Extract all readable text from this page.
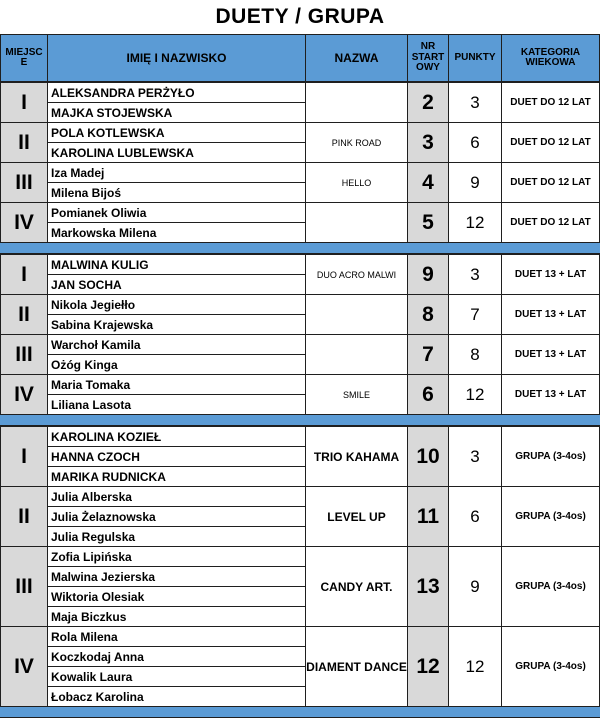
DUETY / GRUPA
MIEJSC E	IMIĘ I NAZWISKO	NAZWA
NR START OWY
PUNKTY	KATEGORIA WIEKOWA
I	ALEKSANDRA PERŻYŁO
MAJKA STOJEWSKA	2	3	DUET DO 12 LAT
II	POLA KOTLEWSKA
KAROLINA LUBLEWSKA
PINK ROAD	3	6	DUET DO 12 LAT
III	Iza Madej
Milena Bijoś
HELLO	4	9	DUET DO 12 LAT
IV	Pomianek Oliwia
Markowska Milena	5	12	DUET DO 12 LAT
I	MALWINA KULIG
JAN SOCHA
DUO ACRO MALWI	9	3	DUET 13 + LAT
II	Nikola Jegiełło
Sabina Krajewska	8	7	DUET 13 + LAT
III	Warchoł Kamila
Ożóg Kinga	7	8	DUET 13 + LAT
IV	Maria Tomaka
Liliana Lasota
SMILE	6	12	DUET 13 + LAT
I
KAROLINA KOZIEŁ
HANNA CZOCH
MARIKA RUDNICKA
TRIO KAHAMA 10	3	GRUPA (3-4os)
II
Julia Alberska
Julia Żelaznowska
Julia Regulska
LEVEL UP	11	6	GRUPA (3-4os)
III
Zofia Lipińska
Malwina Jezierska
Wiktoria Olesiak
Maja Biczkus
CANDY ART.	13	9	GRUPA (3-4os)
IV
Rola Milena
Koczkodaj Anna
Kowalik Laura
Łobacz Karolina
DIAMENT DANCE 12	12	GRUPA (3-4os)
